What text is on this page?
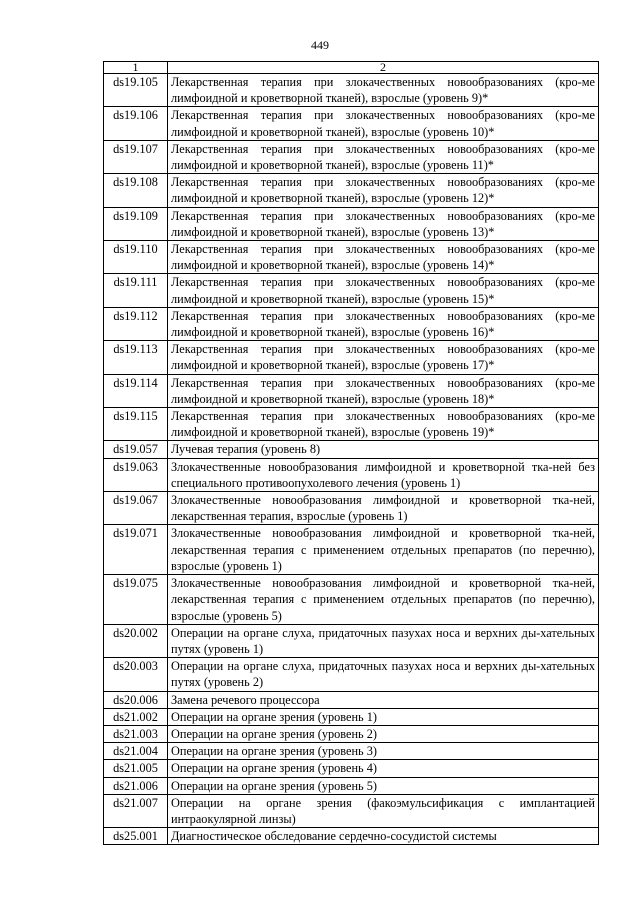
449
1	2
ds19.105	Лекарственная терапия при злокачественных новообразованиях (кро-ме лимфоидной и кроветворной тканей), взрослые (уровень 9)*
ds19.106	Лекарственная терапия при злокачественных новообразованиях (кро-ме лимфоидной и кроветворной тканей), взрослые (уровень 10)*
ds19.107	Лекарственная терапия при злокачественных новообразованиях (кро-ме лимфоидной и кроветворной тканей), взрослые (уровень 11)*
ds19.108	Лекарственная терапия при злокачественных новообразованиях (кро-ме лимфоидной и кроветворной тканей), взрослые (уровень 12)*
ds19.109	Лекарственная терапия при злокачественных новообразованиях (кро-ме лимфоидной и кроветворной тканей), взрослые (уровень 13)*
ds19.110	Лекарственная терапия при злокачественных новообразованиях (кро-ме лимфоидной и кроветворной тканей), взрослые (уровень 14)*
ds19.111	Лекарственная терапия при злокачественных новообразованиях (кро-ме лимфоидной и кроветворной тканей), взрослые (уровень 15)*
ds19.112	Лекарственная терапия при злокачественных новообразованиях (кро-ме лимфоидной и кроветворной тканей), взрослые (уровень 16)*
ds19.113	Лекарственная терапия при злокачественных новообразованиях (кро-ме лимфоидной и кроветворной тканей), взрослые (уровень 17)*
ds19.114	Лекарственная терапия при злокачественных новообразованиях (кро-ме лимфоидной и кроветворной тканей), взрослые (уровень 18)*
ds19.115	Лекарственная терапия при злокачественных новообразованиях (кро-ме лимфоидной и кроветворной тканей), взрослые (уровень 19)*
ds19.057	Лучевая терапия (уровень 8)
ds19.063	Злокачественные новообразования лимфоидной и кроветворной тка-ней без специального противоопухолевого лечения (уровень 1)
ds19.067	Злокачественные новообразования лимфоидной и кроветворной тка-ней, лекарственная терапия, взрослые (уровень 1)
ds19.071	Злокачественные новообразования лимфоидной и кроветворной тка-ней, лекарственная терапия с применением отдельных препаратов (по перечню), взрослые (уровень 1)
ds19.075	Злокачественные новообразования лимфоидной и кроветворной тка-ней, лекарственная терапия с применением отдельных препаратов (по перечню), взрослые (уровень 5)
ds20.002	Операции на органе слуха, придаточных пазухах носа и верхних ды-хательных путях (уровень 1)
ds20.003	Операции на органе слуха, придаточных пазухах носа и верхних ды-хательных путях (уровень 2)
ds20.006	Замена речевого процессора
ds21.002	Операции на органе зрения (уровень 1)
ds21.003	Операции на органе зрения (уровень 2)
ds21.004	Операции на органе зрения (уровень 3)
ds21.005	Операции на органе зрения (уровень 4)
ds21.006	Операции на органе зрения (уровень 5)
ds21.007	Операции на органе зрения (факоэмульсификация с имплантацией интраокулярной линзы)
ds25.001	Диагностическое обследование сердечно-сосудистой системы
